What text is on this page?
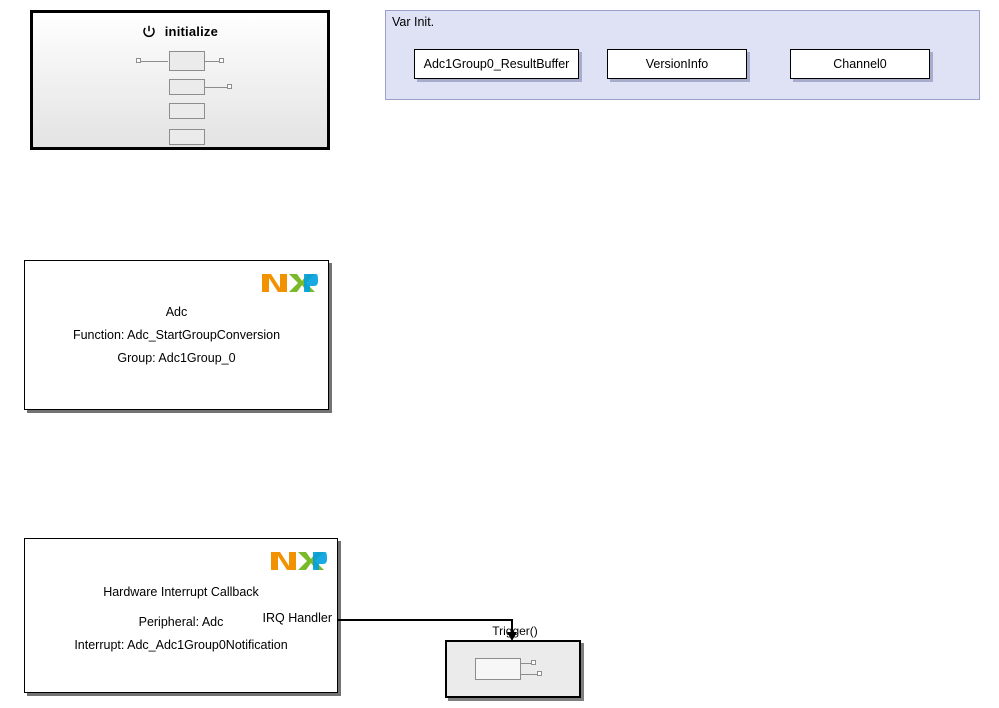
initialize
Var Init.
Adc1Group0_ResultBuffer	VersionInfo	Channel0
Adc
Function: Adc_StartGroupConversion
Group: Adc1Group_0
Hardware Interrupt Callback
Peripheral: Adc
Interrupt: Adc_Adc1Group0Notification
IRQ Handler
Trigger()
